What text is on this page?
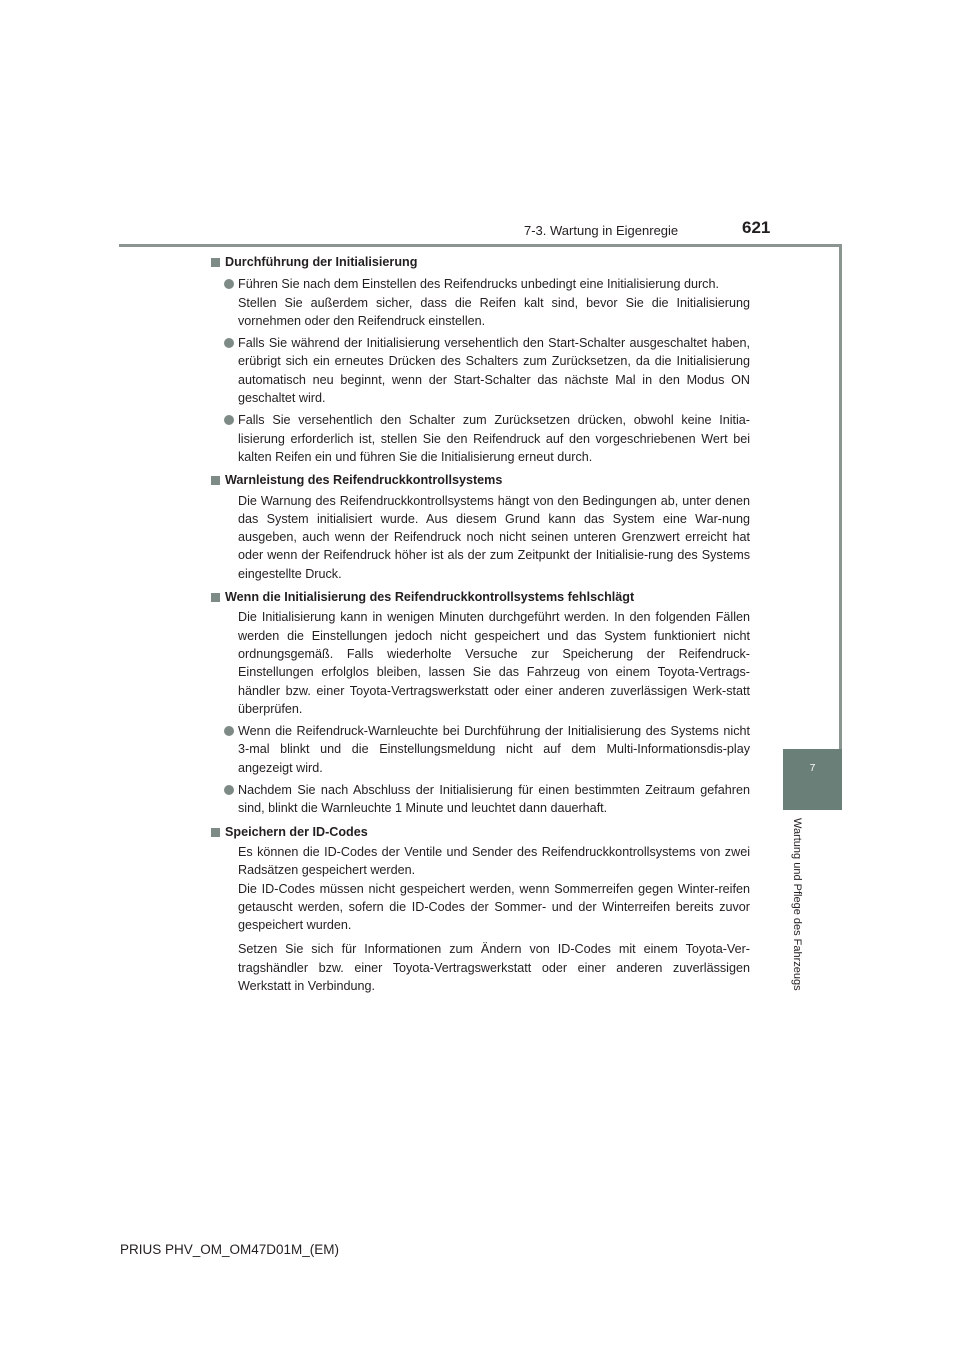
7-3. Wartung in Eigenregie	621
7
Wartung und Pflege des Fahrzeugs
Durchführung der Initialisierung
Führen Sie nach dem Einstellen des Reifendrucks unbedingt eine Initialisierung durch.
Stellen Sie außerdem sicher, dass die Reifen kalt sind, bevor Sie die Initialisierung vornehmen oder den Reifendruck einstellen.
Falls Sie während der Initialisierung versehentlich den Start-Schalter ausgeschaltet haben, erübrigt sich ein erneutes Drücken des Schalters zum Zurücksetzen, da die Initialisierung automatisch neu beginnt, wenn der Start-Schalter das nächste Mal in den Modus ON geschaltet wird.
Falls Sie versehentlich den Schalter zum Zurücksetzen drücken, obwohl keine Initia-lisierung erforderlich ist, stellen Sie den Reifendruck auf den vorgeschriebenen Wert bei kalten Reifen ein und führen Sie die Initialisierung erneut durch.
Warnleistung des Reifendruckkontrollsystems
Die Warnung des Reifendruckkontrollsystems hängt von den Bedingungen ab, unter denen das System initialisiert wurde. Aus diesem Grund kann das System eine War-nung ausgeben, auch wenn der Reifendruck noch nicht seinen unteren Grenzwert erreicht hat oder wenn der Reifendruck höher ist als der zum Zeitpunkt der Initialisie-rung des Systems eingestellte Druck.
Wenn die Initialisierung des Reifendruckkontrollsystems fehlschlägt
Die Initialisierung kann in wenigen Minuten durchgeführt werden. In den folgenden Fällen werden die Einstellungen jedoch nicht gespeichert und das System funktioniert nicht ordnungsgemäß. Falls wiederholte Versuche zur Speicherung der Reifendruck-Einstellungen erfolglos bleiben, lassen Sie das Fahrzeug von einem Toyota-Vertrags-händler bzw. einer Toyota-Vertragswerkstatt oder einer anderen zuverlässigen Werk-statt überprüfen.
Wenn die Reifendruck-Warnleuchte bei Durchführung der Initialisierung des Systems nicht 3-mal blinkt und die Einstellungsmeldung nicht auf dem Multi-Informationsdis-play angezeigt wird.
Nachdem Sie nach Abschluss der Initialisierung für einen bestimmten Zeitraum gefahren sind, blinkt die Warnleuchte 1 Minute und leuchtet dann dauerhaft.
Speichern der ID-Codes
Es können die ID-Codes der Ventile und Sender des Reifendruckkontrollsystems von zwei Radsätzen gespeichert werden.
Die ID-Codes müssen nicht gespeichert werden, wenn Sommerreifen gegen Winter-reifen getauscht werden, sofern die ID-Codes der Sommer- und der Winterreifen bereits zuvor gespeichert wurden.
Setzen Sie sich für Informationen zum Ändern von ID-Codes mit einem Toyota-Ver-tragshändler bzw. einer Toyota-Vertragswerkstatt oder einer anderen zuverlässigen Werkstatt in Verbindung.
PRIUS PHV_OM_OM47D01M_(EM)
